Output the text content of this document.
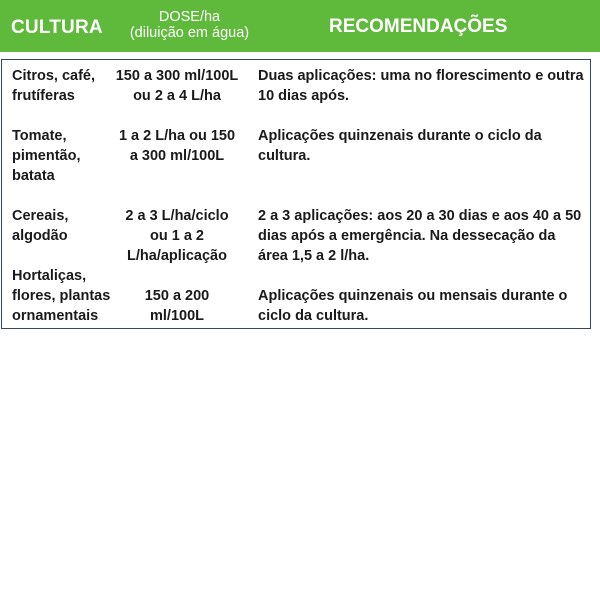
CULTURA	DOSE/ha
(diluição em água)	RECOMENDAÇÕES
Citros, café,
frutíferas
150 a 300 ml/100L
ou 2 a 4 L/ha
Duas aplicações: uma no florescimento e outra
10 dias após.
Tomate,
pimentão,
batata
1 a 2 L/ha ou 150
a 300 ml/100L
Aplicações quinzenais durante o ciclo da
cultura.
Cereais,
algodão
2 a 3 L/ha/ciclo
ou 1 a 2
L/ha/aplicação
2 a 3 aplicações: aos 20 a 30 dias e aos 40 a 50
dias após a emergência. Na dessecação da
área 1,5 a 2 l/ha.
Hortaliças,
flores, plantas
ornamentais
150 a 200
ml/100L
Aplicações quinzenais ou mensais durante o
ciclo da cultura.
